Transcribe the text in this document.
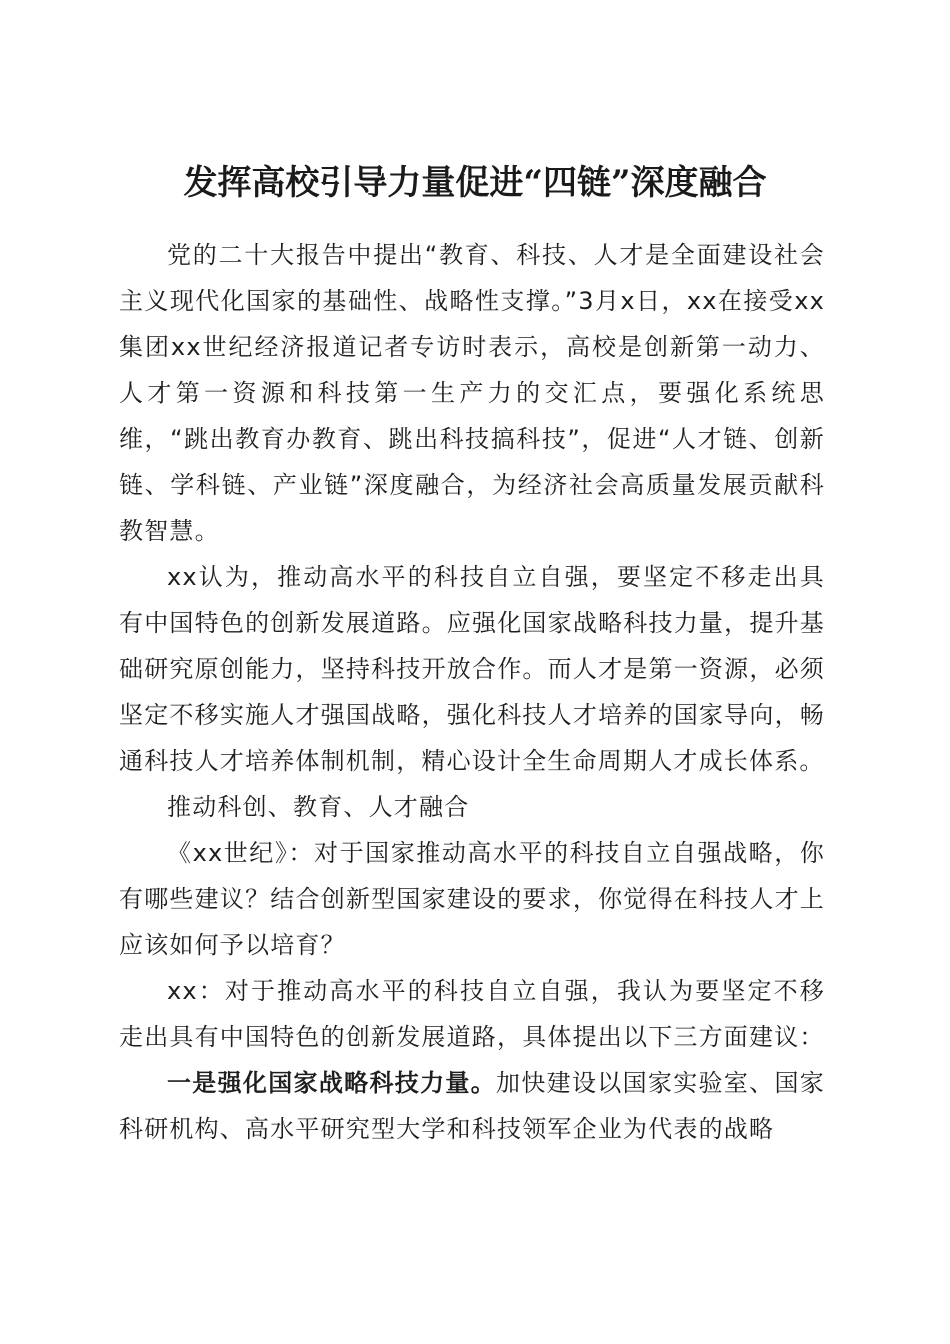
发挥高校引导力量促进“四链”深度融合

党的二十大报告中提出“教育、科技、人才是全面建设社会主义现代化国家的基础性、战略性支撑。”3月x日，xx在接受xx集团xx世纪经济报道记者专访时表示，高校是创新第一动力、人才第一资源和科技第一生产力的交汇点，要强化系统思维，“跳出教育办教育、跳出科技搞科技”，促进“人才链、创新链、学科链、产业链”深度融合，为经济社会高质量发展贡献科教智慧。

xx认为，推动高水平的科技自立自强，要坚定不移走出具有中国特色的创新发展道路。应强化国家战略科技力量，提升基础研究原创能力，坚持科技开放合作。而人才是第一资源，必须坚定不移实施人才强国战略，强化科技人才培养的国家导向，畅通科技人才培养体制机制，精心设计全生命周期人才成长体系。

推动科创、教育、人才融合

《xx世纪》：对于国家推动高水平的科技自立自强战略，你有哪些建议？结合创新型国家建设的要求，你觉得在科技人才上应该如何予以培育？

xx：对于推动高水平的科技自立自强，我认为要坚定不移走出具有中国特色的创新发展道路，具体提出以下三方面建议：

一是强化国家战略科技力量。加快建设以国家实验室、国家科研机构、高水平研究型大学和科技领军企业为代表的战略
